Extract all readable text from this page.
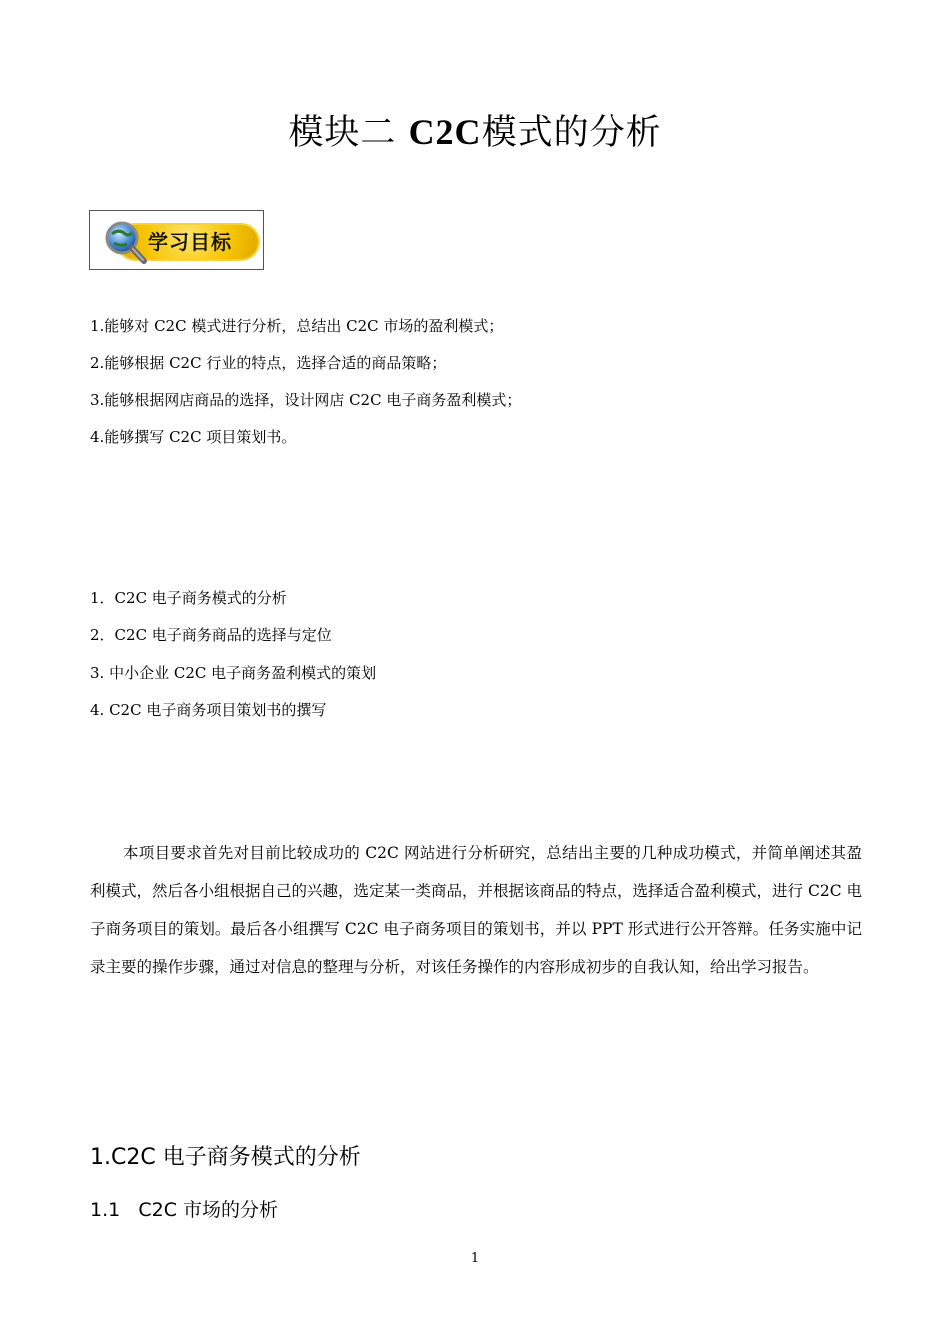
模块二 C2C模式的分析
学习目标
1.能够对 C2C 模式进行分析，总结出 C2C 市场的盈利模式；
2.能够根据 C2C 行业的特点，选择合适的商品策略；
3.能够根据网店商品的选择，设计网店 C2C 电子商务盈利模式；
4.能够撰写 C2C 项目策划书。
1．C2C 电子商务模式的分析
2．C2C 电子商务商品的选择与定位
3. 中小企业 C2C 电子商务盈利模式的策划
4. C2C 电子商务项目策划书的撰写
本项目要求首先对目前比较成功的 C2C 网站进行分析研究，总结出主要的几种成功模式，并简单阐述其盈利模式，然后各小组根据自己的兴趣，选定某一类商品，并根据该商品的特点，选择适合盈利模式，进行 C2C 电子商务项目的策划。最后各小组撰写 C2C 电子商务项目的策划书，并以 PPT 形式进行公开答辩。任务实施中记录主要的操作步骤，通过对信息的整理与分析，对该任务操作的内容形成初步的自我认知，给出学习报告。
1.C2C 电子商务模式的分析
1.1   C2C 市场的分析
1
